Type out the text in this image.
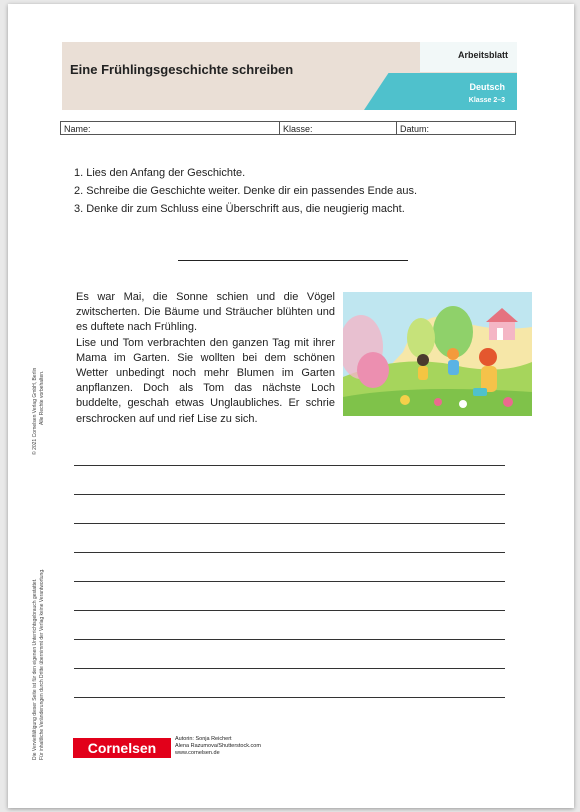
Eine Frühlingsgeschichte schreiben
Arbeitsblatt
Deutsch
Klasse 2–3
Name:	Klasse:	Datum:
1. Lies den Anfang der Geschichte.
2. Schreibe die Geschichte weiter. Denke dir ein passendes Ende aus.
3. Denke dir zum Schluss eine Überschrift aus, die neugierig macht.

Es war Mai, die Sonne schien und die Vögel zwitscherten. Die Bäume und Sträucher blühten und es duftete nach Frühling.

Lise und Tom verbrachten den ganzen Tag mit ihrer Mama im Garten. Sie wollten bei dem schönen Wetter unbedingt noch mehr Blumen im Garten anpflanzen. Doch als Tom das nächste Loch buddelte, geschah etwas Unglaubliches. Er schrie erschrocken auf und rief Lise zu sich.

© 2021 Cornelsen Verlag GmbH, Berlin Alle Rechte vorbehalten.
Die Vervielfältigung dieser Seite ist für den eigenen Unterrichtsgebrauch gestattet. Für inhaltliche Veränderungen durch Dritte übernimmt der Verlag keine Verantwortung.	Cornelsen
Autorin: Sonja Reichert
Alena Razumova/Shutterstock.com
www.cornelsen.de
